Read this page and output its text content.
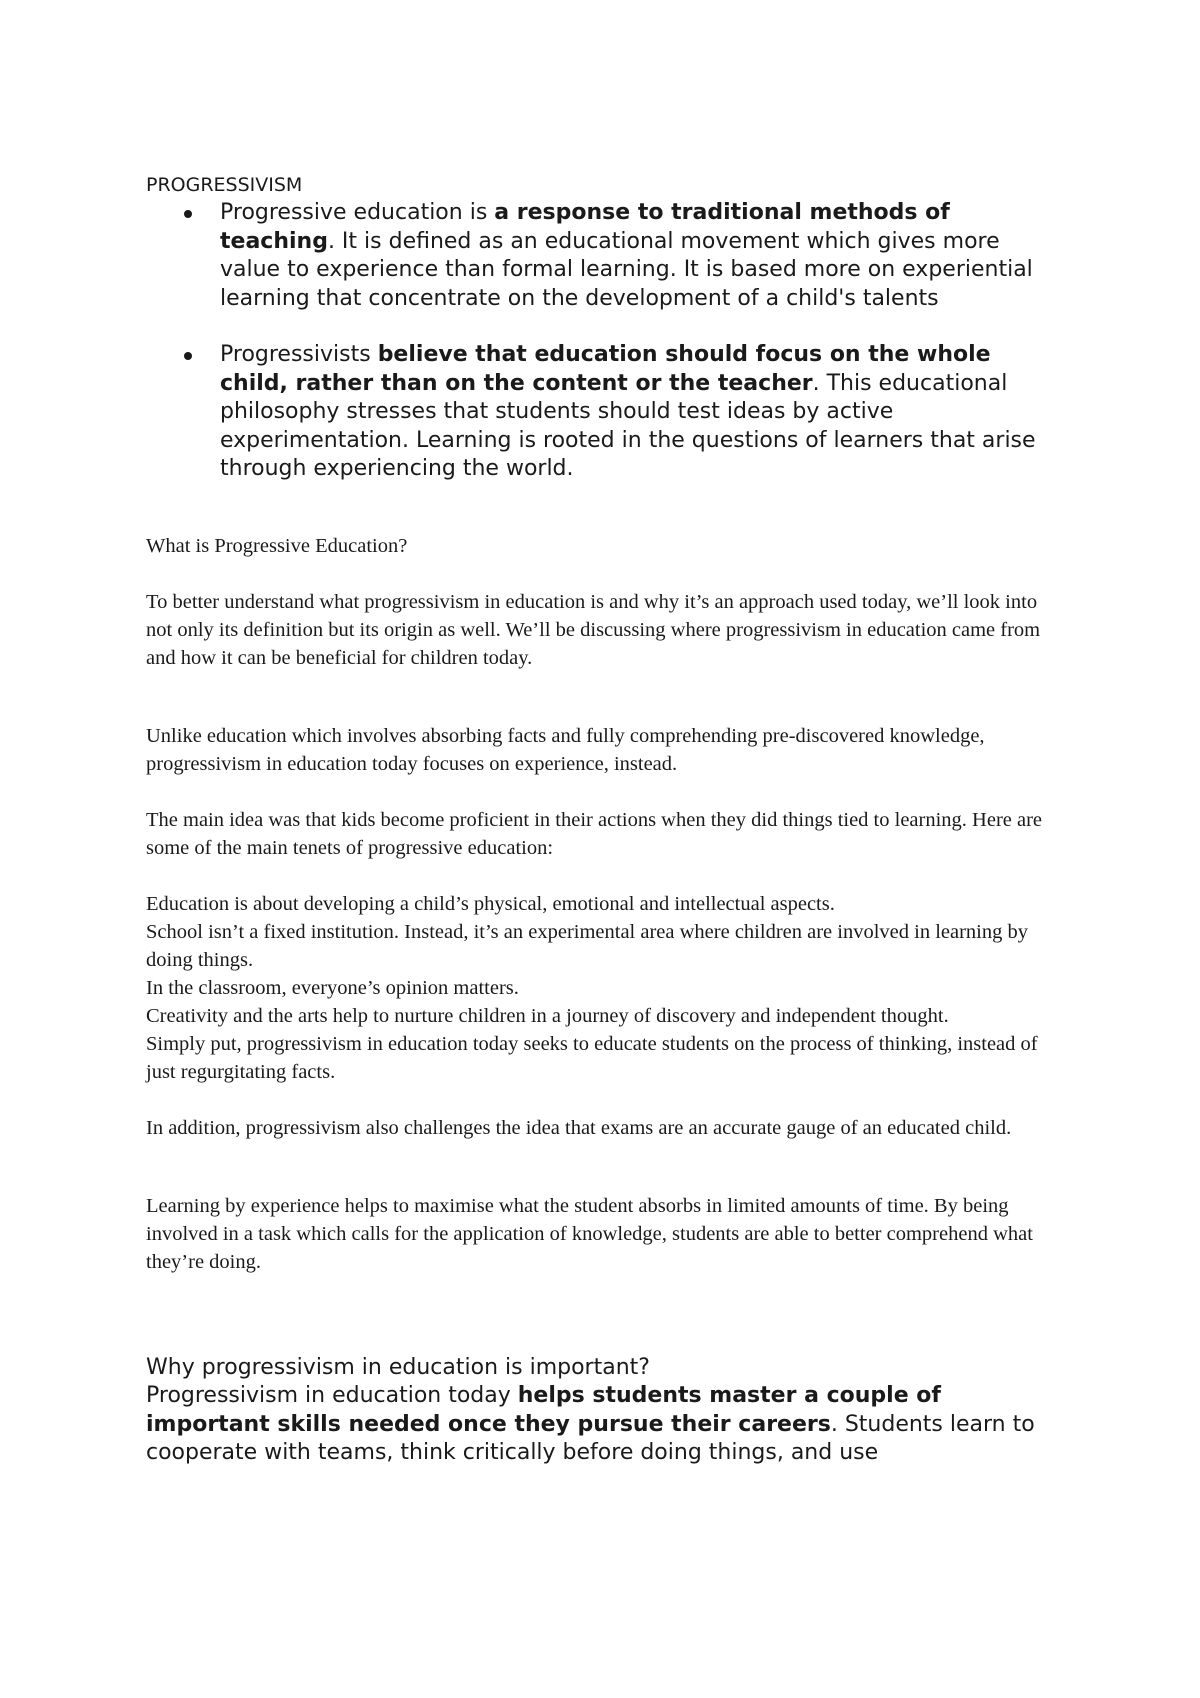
PROGRESSIVISM

Progressive education is a response to traditional methods of teaching. It is defined as an educational movement which gives more value to experience than formal learning. It is based more on experiential learning that concentrate on the development of a child's talents
Progressivists believe that education should focus on the whole child, rather than on the content or the teacher. This educational philosophy stresses that students should test ideas by active experimentation. Learning is rooted in the questions of learners that arise through experiencing the world.

What is Progressive Education?

To better understand what progressivism in education is and why it’s an approach used today, we’ll look into not only its definition but its origin as well. We’ll be discussing where progressivism in education came from and how it can be beneficial for children today.

Unlike education which involves absorbing facts and fully comprehending pre-discovered knowledge, progressivism in education today focuses on experience, instead.

The main idea was that kids become proficient in their actions when they did things tied to learning. Here are some of the main tenets of progressive education:

Education is about developing a child’s physical, emotional and intellectual aspects.

School isn’t a fixed institution. Instead, it’s an experimental area where children are involved in learning by doing things.

In the classroom, everyone’s opinion matters.

Creativity and the arts help to nurture children in a journey of discovery and independent thought.

Simply put, progressivism in education today seeks to educate students on the process of thinking, instead of just regurgitating facts.

In addition, progressivism also challenges the idea that exams are an accurate gauge of an educated child.

Learning by experience helps to maximise what the student absorbs in limited amounts of time. By being involved in a task which calls for the application of knowledge, students are able to better comprehend what they’re doing.

Why progressivism in education is important?

Progressivism in education today helps students master a couple of important skills needed once they pursue their careers. Students learn to cooperate with teams, think critically before doing things, and use
